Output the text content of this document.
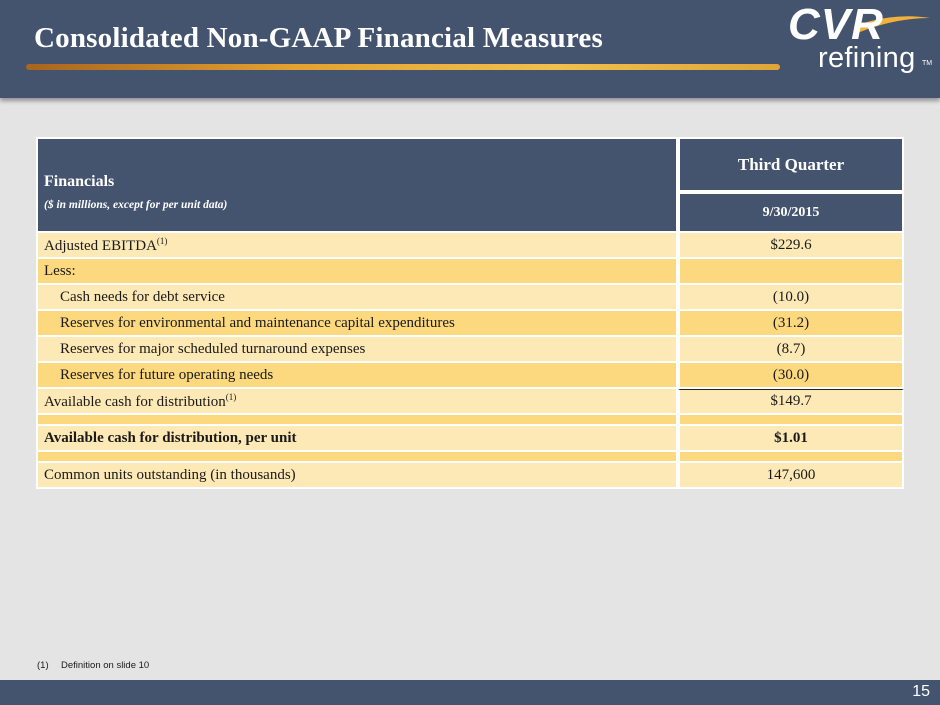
Consolidated Non-GAAP Financial Measures	CVR
refining TM
Financials
($ in millions, except for per unit data)	Third Quarter
	9/30/2015
Adjusted EBITDA$^{(1)}$	$229.6
Less:	
Cash needs for debt service	(10.0)
Reserves for environmental and maintenance capital expenditures	(31.2)
Reserves for major scheduled turnaround expenses	(8.7)
Reserves for future operating needs	(30.0)
Available cash for distribution$^{(1)}$	$149.7

Available cash for distribution, per unit	$1.01

Common units outstanding (in thousands)	147,600
(1) Definition on slide 10
15
